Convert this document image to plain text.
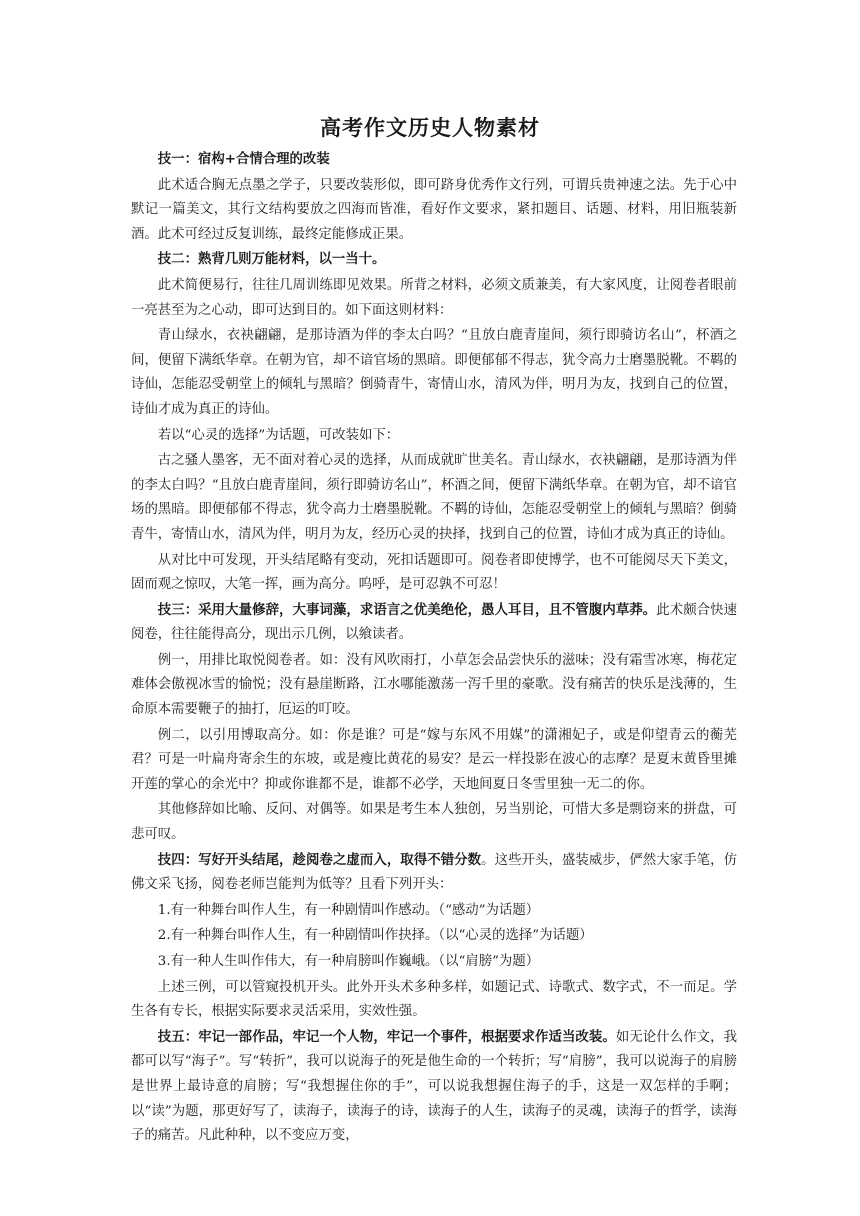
高考作文历史人物素材

技一：宿构+合情合理的改装

此术适合胸无点墨之学子，只要改装形似，即可跻身优秀作文行列，可谓兵贵神速之法。先于心中默记一篇美文，其行文结构要放之四海而皆准，看好作文要求，紧扣题目、话题、材料，用旧瓶装新酒。此术可经过反复训练，最终定能修成正果。

技二：熟背几则万能材料，以一当十。

此术简便易行，往往几周训练即见效果。所背之材料，必须文质兼美，有大家风度，让阅卷者眼前一亮甚至为之心动，即可达到目的。如下面这则材料：

青山绿水，衣袂翩翩，是那诗酒为伴的李太白吗？“且放白鹿青崖间，须行即骑访名山”，杯酒之间，便留下满纸华章。在朝为官，却不谙官场的黑暗。即便郁郁不得志，犹令高力士磨墨脱靴。不羁的诗仙，怎能忍受朝堂上的倾轧与黑暗？倒骑青牛，寄情山水，清风为伴，明月为友，找到自己的位置，诗仙才成为真正的诗仙。

若以“心灵的选择”为话题，可改装如下：

古之骚人墨客，无不面对着心灵的选择，从而成就旷世美名。青山绿水，衣袂翩翩，是那诗酒为伴的李太白吗？“且放白鹿青崖间，须行即骑访名山”，杯酒之间，便留下满纸华章。在朝为官，却不谙官场的黑暗。即便郁郁不得志，犹令高力士磨墨脱靴。不羁的诗仙，怎能忍受朝堂上的倾轧与黑暗？倒骑青牛，寄情山水，清风为伴，明月为友，经历心灵的抉择，找到自己的位置，诗仙才成为真正的诗仙。

从对比中可发现，开头结尾略有变动，死扣话题即可。阅卷者即使博学，也不可能阅尽天下美文，固而观之惊叹，大笔一挥，画为高分。呜呼，是可忍孰不可忍！

技三：采用大量修辞，大事词藻，求语言之优美绝伦，愚人耳目，且不管腹内草莽。此术颇合快速阅卷，往往能得高分，现出示几例，以飨读者。

例一，用排比取悦阅卷者。如：没有风吹雨打，小草怎会品尝快乐的滋味；没有霜雪冰寒，梅花定难体会傲视冰雪的愉悦；没有悬崖断路，江水哪能激荡一泻千里的豪歌。没有痛苦的快乐是浅薄的，生命原本需要鞭子的抽打，厄运的叮咬。

例二，以引用博取高分。如：你是谁？可是“嫁与东风不用媒”的潇湘妃子，或是仰望青云的蘅芜君？可是一叶扁舟寄余生的东坡，或是瘦比黄花的易安？是云一样投影在波心的志摩？是夏末黄昏里摊开莲的掌心的余光中？抑或你谁都不是，谁都不必学，天地间夏日冬雪里独一无二的你。

其他修辞如比喻、反问、对偶等。如果是考生本人独创，另当别论，可惜大多是剽窃来的拼盘，可悲可叹。

技四：写好开头结尾，趁阅卷之虚而入，取得不错分数。这些开头，盛装威步，俨然大家手笔，仿佛文采飞扬，阅卷老师岂能判为低等？且看下列开头：

1.有一种舞台叫作人生，有一种剧情叫作感动。（“感动”为话题）

2.有一种舞台叫作人生，有一种剧情叫作抉择。（以“心灵的选择”为话题）

3.有一种人生叫作伟大，有一种肩膀叫作巍峨。（以“肩膀”为题）

上述三例，可以管窥投机开头。此外开头术多种多样，如题记式、诗歌式、数字式，不一而足。学生各有专长，根据实际要求灵活采用，实效性强。

技五：牢记一部作品，牢记一个人物，牢记一个事件，根据要求作适当改装。如无论什么作文，我都可以写“海子”。写“转折”，我可以说海子的死是他生命的一个转折；写“肩膀”，我可以说海子的肩膀是世界上最诗意的肩膀；写“我想握住你的手”，可以说我想握住海子的手，这是一双怎样的手啊；以“读”为题，那更好写了，读海子，读海子的诗，读海子的人生，读海子的灵魂，读海子的哲学，读海子的痛苦。凡此种种，以不变应万变，
